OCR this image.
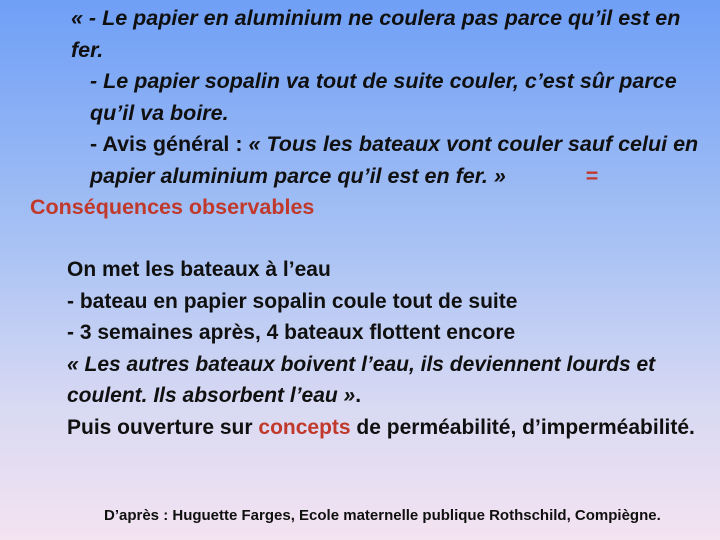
« - Le papier en aluminium ne coulera pas parce qu’il est en fer.

- Le papier sopalin va tout de suite couler, c’est sûr parce qu’il va boire.

- Avis général : « Tous les bateaux vont couler sauf celui en papier aluminium parce qu’il est en fer. »	=

Conséquences observables

On met les bateaux à l’eau

- bateau en papier sopalin coule tout de suite

- 3 semaines après, 4 bateaux flottent encore

« Les autres bateaux boivent l’eau, ils deviennent lourds et coulent. Ils absorbent l’eau ».

Puis ouverture sur concepts de perméabilité, d’imperméabilité.

D’après : Huguette Farges, Ecole maternelle publique Rothschild, Compiègne.
